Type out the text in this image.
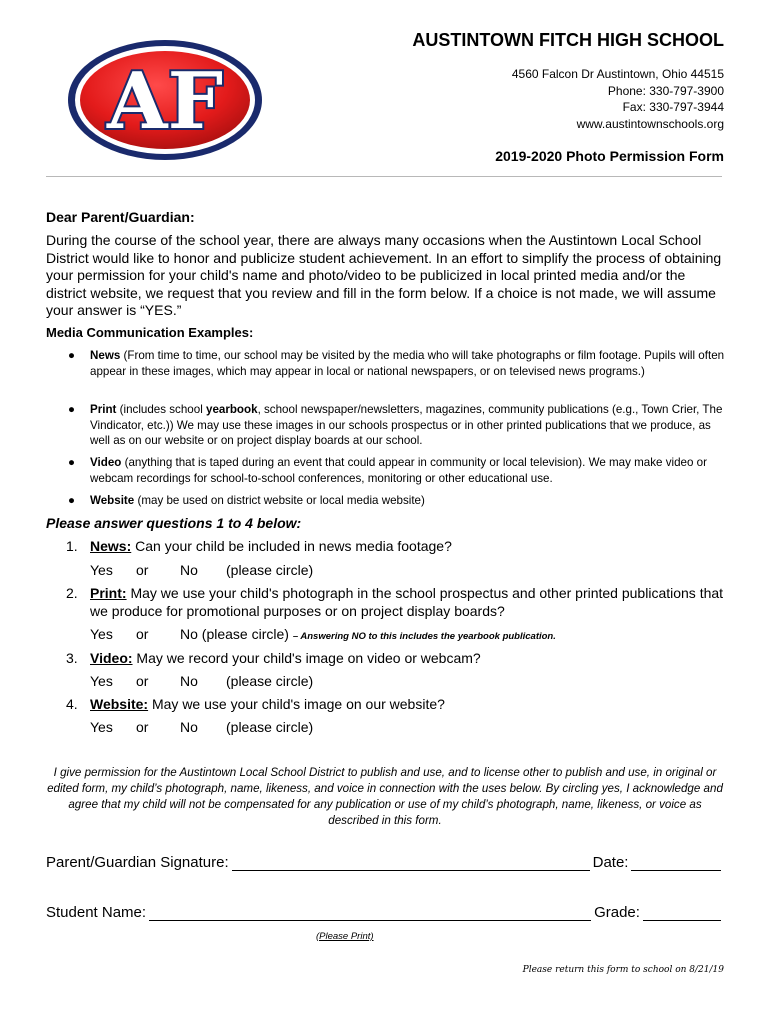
AF
AUSTINTOWN FITCH HIGH SCHOOL
4560 Falcon Dr Austintown, Ohio 44515
Phone: 330-797-3900
Fax: 330-797-3944
www.austintownschools.org
2019-2020 Photo Permission Form
Dear Parent/Guardian:
During the course of the school year, there are always many occasions when the Austintown Local School District would like to honor and publicize student achievement. In an effort to simplify the process of obtaining your permission for your child's name and photo/video to be publicized in local printed media and/or the district website, we request that you review and fill in the form below. If a choice is not made, we will assume your answer is “YES.”
Media Communication Examples:
● News (From time to time, our school may be visited by the media who will take photographs or film footage. Pupils will often appear in these images, which may appear in local or national newspapers, or on televised news programs.)
● Print (includes school yearbook, school newspaper/newsletters, magazines, community publications (e.g., Town Crier, The Vindicator, etc.)) We may use these images in our schools prospectus or in other printed publications that we produce, as well as on our website or on project display boards at our school.
● Video (anything that is taped during an event that could appear in community or local television). We may make video or webcam recordings for school-to-school conferences, monitoring or other educational use.
● Website (may be used on district website or local media website)
Please answer questions 1 to 4 below:
1. News: Can your child be included in news media footage?
Yes or No (please circle)
2. Print: May we use your child's photograph in the school prospectus and other printed publications that we produce for promotional purposes or on project display boards?
Yes or No (please circle) – Answering NO to this includes the yearbook publication.
3. Video: May we record your child's image on video or webcam?
Yes or No (please circle)
4. Website: May we use your child's image on our website?
Yes or No (please circle)
I give permission for the Austintown Local School District to publish and use, and to license other to publish and use, in original or edited form, my child’s photograph, name, likeness, and voice in connection with the uses below. By circling yes, I acknowledge and agree that my child will not be compensated for any publication or use of my child’s photograph, name, likeness, or voice as described in this form.
Parent/Guardian Signature:	Date:
Student Name:	Grade:
(Please Print)
Please return this form to school on 8/21/19
